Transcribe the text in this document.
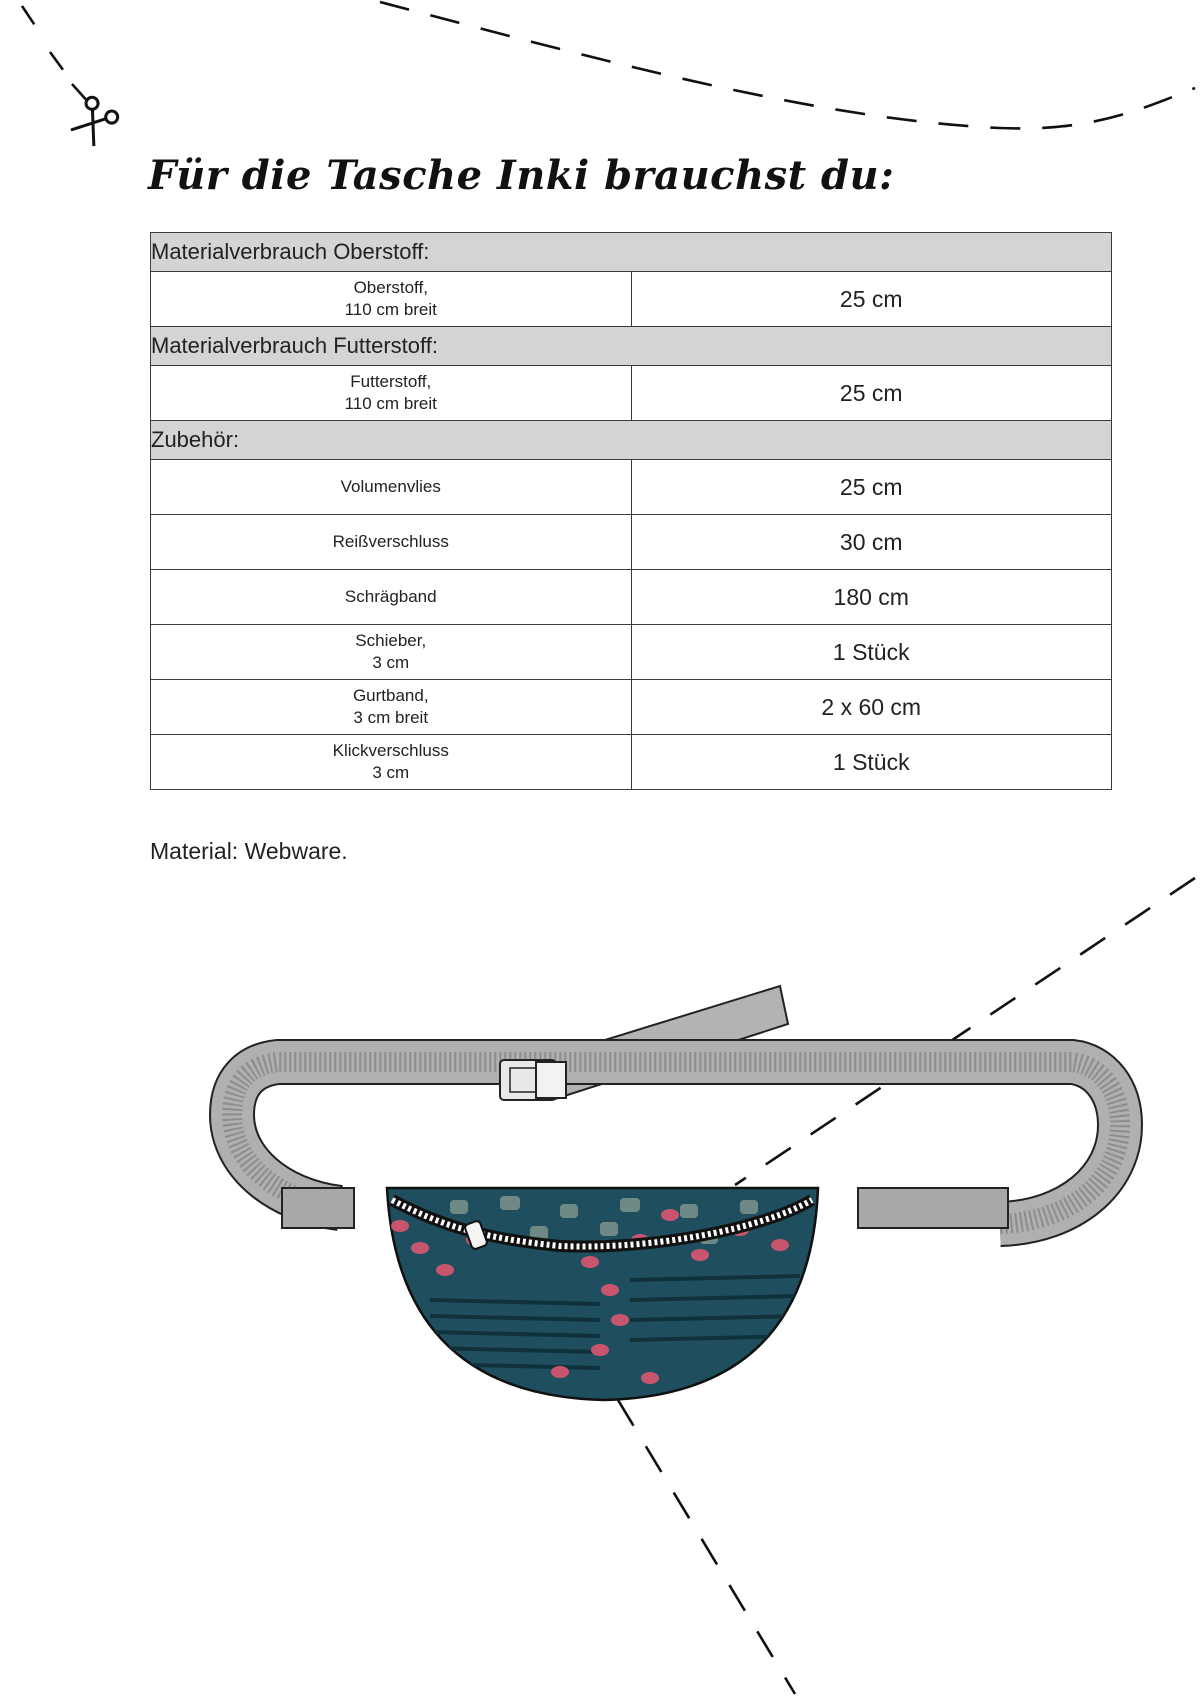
Für die Tasche Inki brauchst du:
Materialverbrauch Oberstoff:	

Oberstoff,
110 cm breit	25 cm
Materialverbrauch Futterstoff:	

Futterstoff,
110 cm breit	25 cm
Zubehör:	

Volumenvlies	25 cm

Reißverschluss	30 cm

Schrägband	180 cm

Schieber,
3 cm	1 Stück

Gurtband,
3 cm breit	2 x 60 cm

Klickverschluss
3 cm	1 Stück
Material: Webware.
